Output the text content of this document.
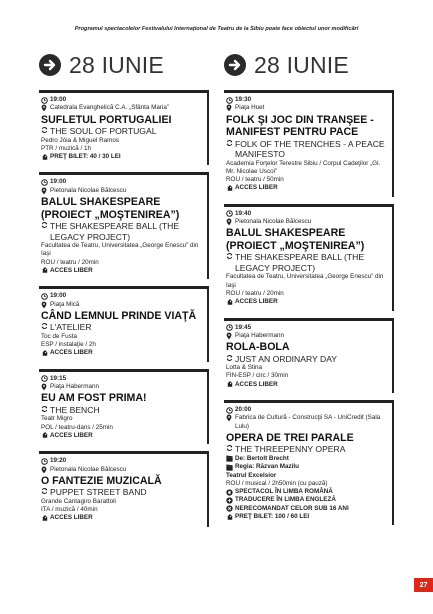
Programul spectacolelor Festivalului Internaţional de Teatru de la Sibiu poate face obiectul unor modificări
28 IUNIE
19:00
Catedrala Evanghelică C.A. „Sfânta Maria”
SUFLETUL PORTUGALIEI
THE SOUL OF PORTUGAL
Pedro Jóia & Miguel Ramos
PTR / muzică / 1h
PREŢ BILET: 40 / 30 LEI
19:00
Pietonala Nicolae Bălcescu
BALUL SHAKESPEARE (PROIECT „MOŞTENIREA”)
THE SHAKESPEARE BALL (THE LEGACY PROJECT)
Facultatea de Teatru, Universitatea „George Enescu” din Iaşi
ROU / teatru / 20min
ACCES LIBER
19:00
Piaţa Mică
CÂND LEMNUL PRINDE VIAŢĂ
L'ATELIER
Toc de Fusta
ESP / instalaţie / 2h
ACCES LIBER
19:15
Piaţa Habermann
EU AM FOST PRIMA!
THE BENCH
Teatr Migro
POL / teatru-dans / 25min
ACCES LIBER
19:20
Pietonala Nicolae Bălcescu
O FANTEZIE MUZICALĂ
PUPPET STREET BAND
Grande Cantagiro Barattoli
ITA / muzică / 40min
ACCES LIBER
28 IUNIE
19:30
Piaţa Huet
FOLK ŞI JOC DIN TRANŞEE - MANIFEST PENTRU PACE
FOLK OF THE TRENCHES - A PEACE MANIFESTO
Academia Forţelor Terestre Sibiu / Corpul Cadeţilor „Gl. Mr. Nicolae Uscoi”
ROU / teatru / 50min
ACCES LIBER
19:40
Pietonala Nicolae Bălcescu
BALUL SHAKESPEARE (PROIECT „MOŞTENIREA”)
THE SHAKESPEARE BALL (THE LEGACY PROJECT)
Facultatea de Teatru, Universitatea „George Enescu” din Iaşi
ROU / teatru / 20min
ACCES LIBER
19:45
Piaţa Habermann
ROLA-BOLA
JUST AN ORDINARY DAY
Lotta & Stina
FIN-ESP / circ / 30min
ACCES LIBER
20:00
Fabrica de Cultură - Construcţii SA - UniCredit (Sala Lulu)
OPERA DE TREI PARALE
THE THREEPENNY OPERA
De: Bertolt Brecht
Regia: Răzvan Mazilu
Teatrul Excelsior
ROU / musical / 2h50min (cu pauză)
SPECTACOL ÎN LIMBA ROMÂNĂ
TRADUCERE ÎN LIMBA ENGLEZĂ
NERECOMANDAT CELOR SUB 16 ANI
PREŢ BILET: 100 / 60 LEI
27
